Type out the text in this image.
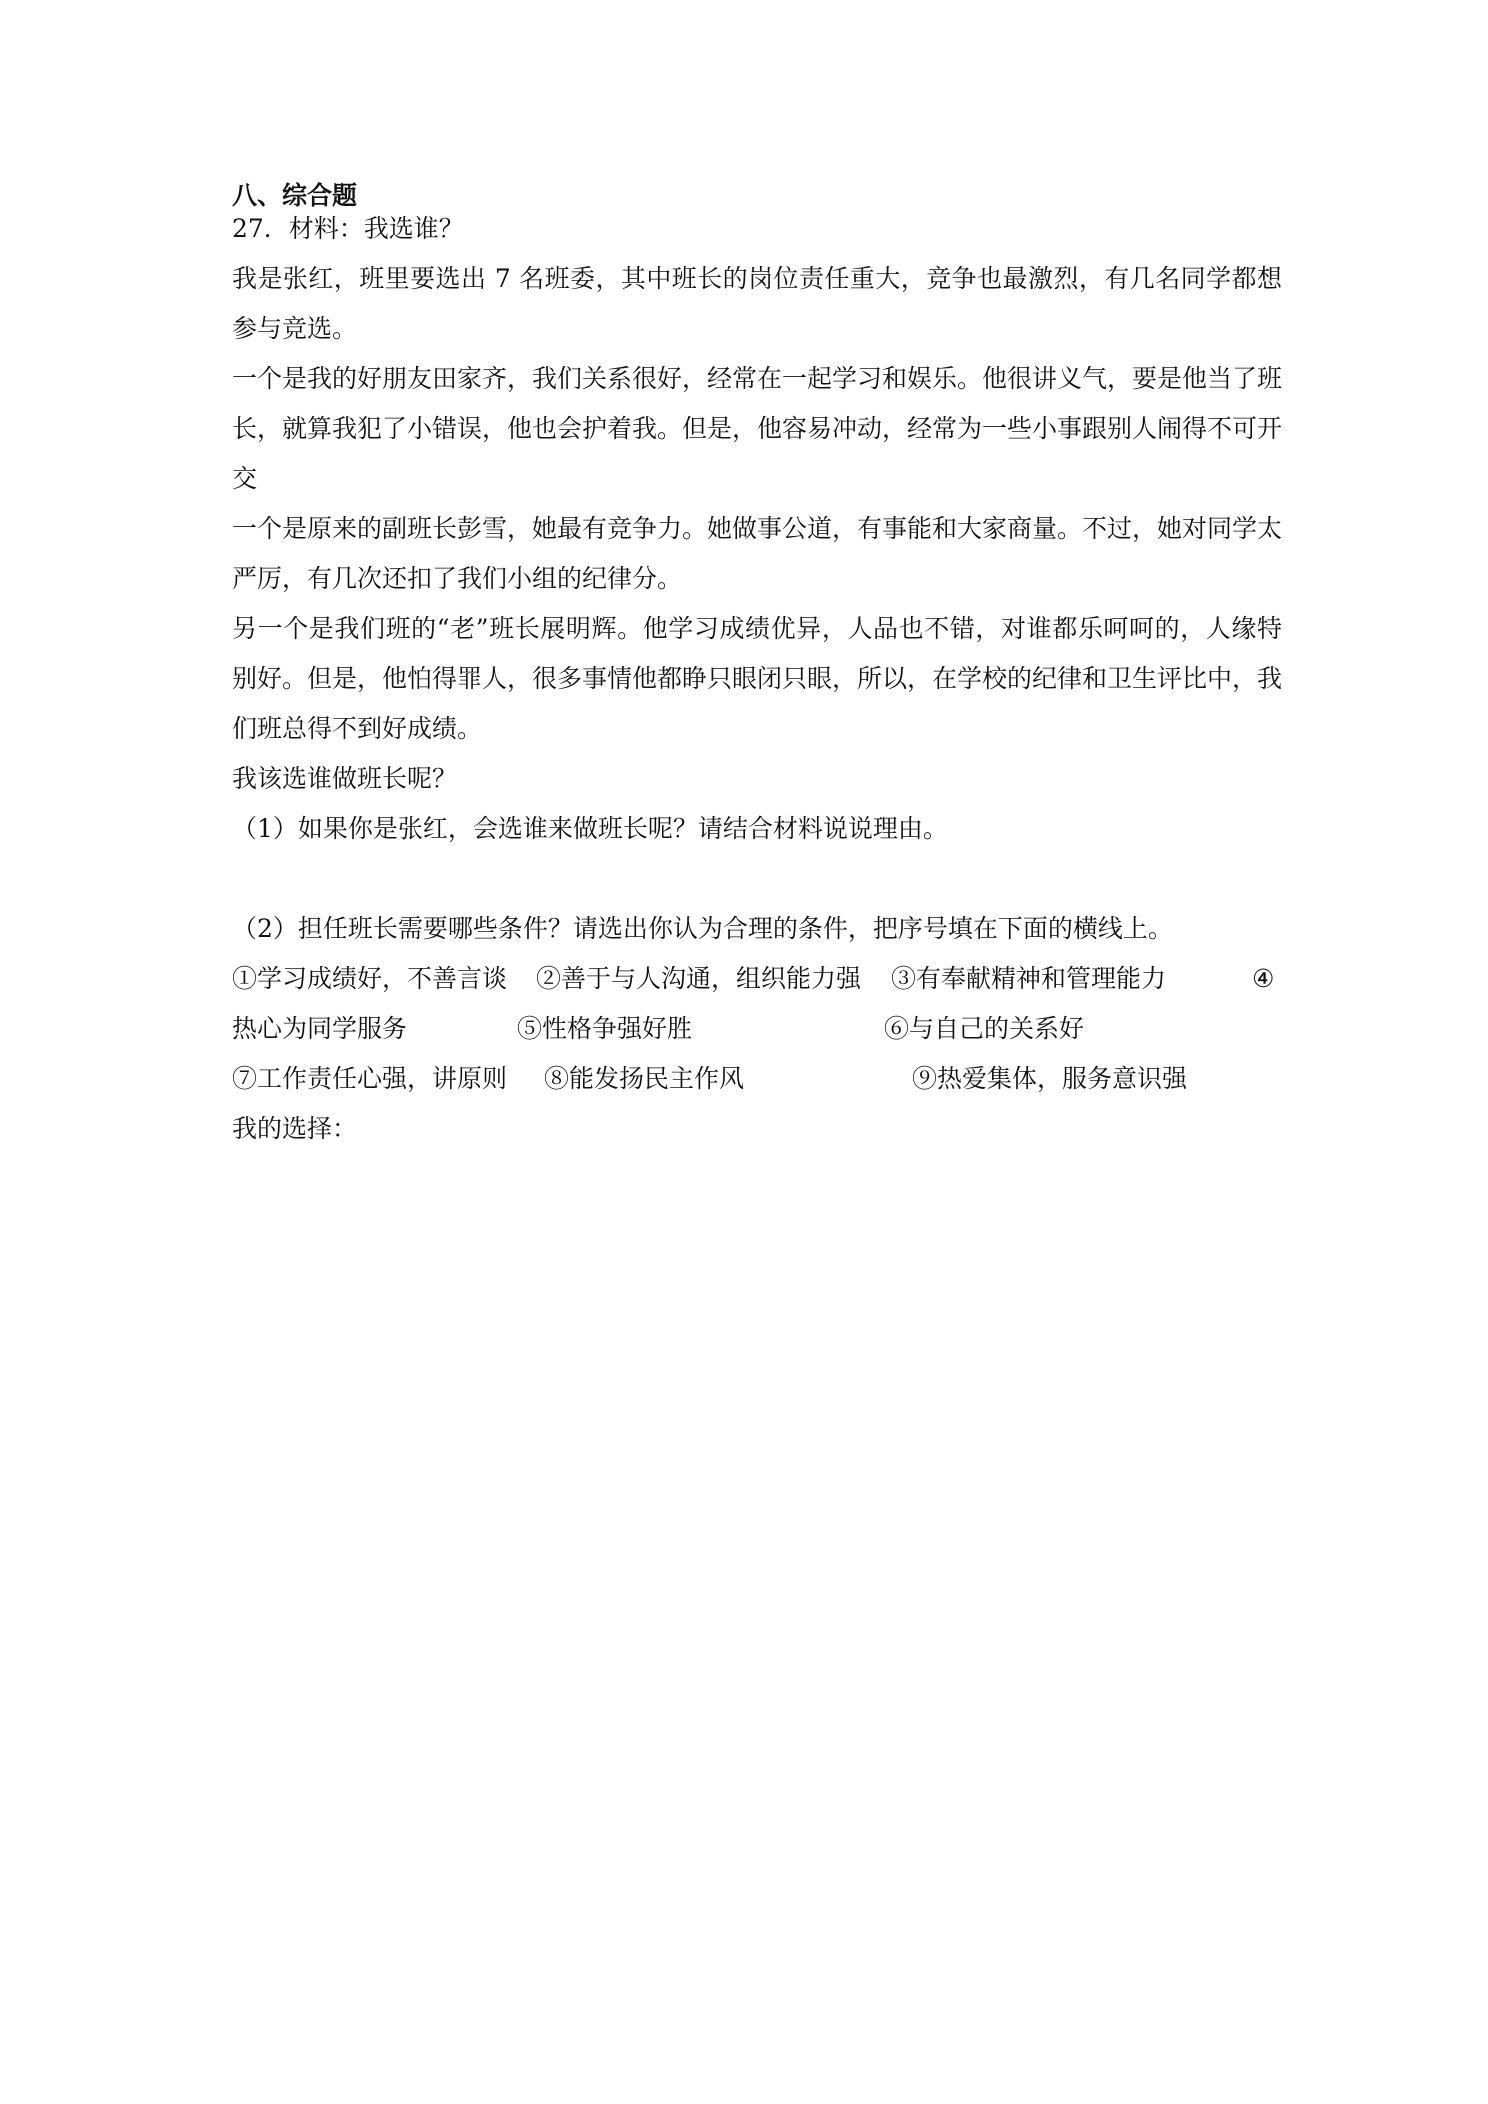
八、综合题
27．材料：我选谁？

我是张红，班里要选出 7 名班委，其中班长的岗位责任重大，竞争也最激烈，有几名同学都想参与竞选。

一个是我的好朋友田家齐，我们关系很好，经常在一起学习和娱乐。他很讲义气，要是他当了班长，就算我犯了小错误，他也会护着我。但是，他容易冲动，经常为一些小事跟别人闹得不可开交

一个是原来的副班长彭雪，她最有竞争力。她做事公道，有事能和大家商量。不过，她对同学太严厉，有几次还扣了我们小组的纪律分。

另一个是我们班的“老”班长展明辉。他学习成绩优异，人品也不错，对谁都乐呵呵的，人缘特别好。但是，他怕得罪人，很多事情他都睁只眼闭只眼，所以，在学校的纪律和卫生评比中，我们班总得不到好成绩。

我该选谁做班长呢？

（1）如果你是张红，会选谁来做班长呢？请结合材料说说理由。

（2）担任班长需要哪些条件？请选出你认为合理的条件，把序号填在下面的横线上。

①学习成绩好，不善言谈 ②善于与人沟通，组织能力强 ③有奉献精神和管理能力	④
热心为同学服务	⑤性格争强好胜	⑥与自己的关系好
⑦工作责任心强，讲原则 ⑧能发扬民主作风	⑨热爱集体，服务意识强

我的选择：
